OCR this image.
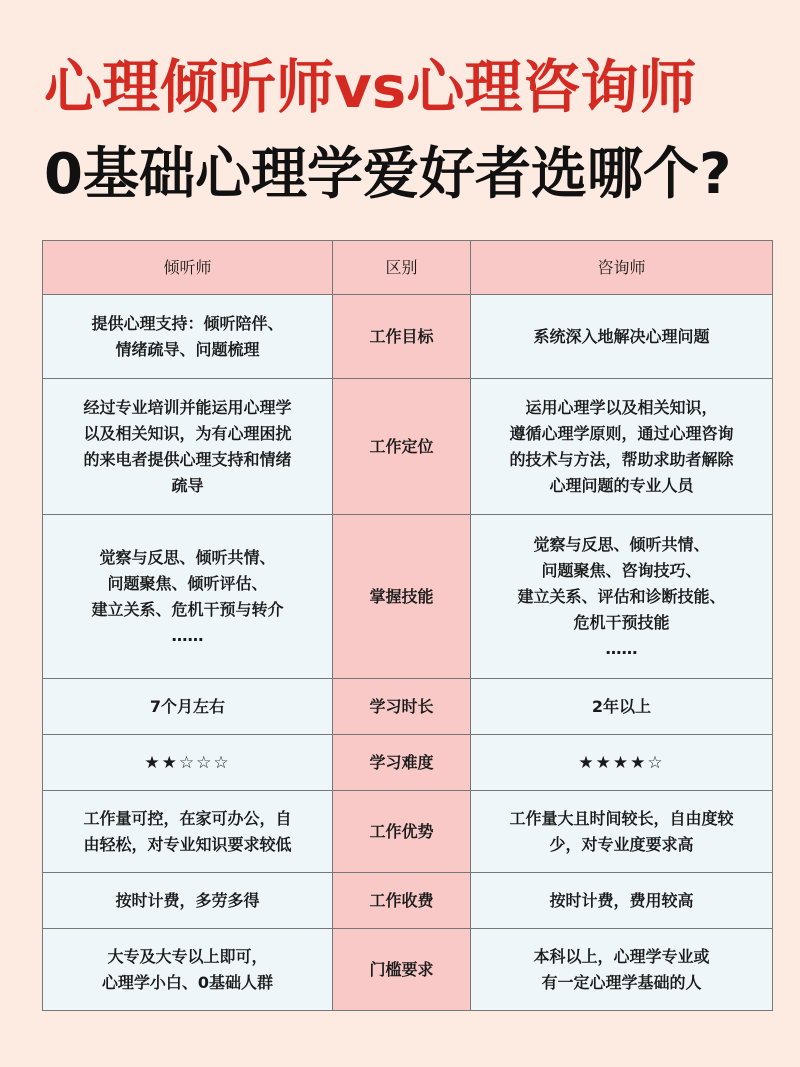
心理倾听师vs心理咨询师
0基础心理学爱好者选哪个?
倾听师	区别	咨询师

提供心理支持：倾听陪伴、
情绪疏导、问题梳理	工作目标	系统深入地解决心理问题

经过专业培训并能运用心理学
以及相关知识，为有心理困扰
的来电者提供心理支持和情绪
疏导	工作定位	运用心理学以及相关知识，
遵循心理学原则，通过心理咨询
的技术与方法，帮助求助者解除
心理问题的专业人员

觉察与反思、倾听共情、
问题聚焦、倾听评估、
建立关系、危机干预与转介
……	掌握技能	觉察与反思、倾听共情、
问题聚焦、咨询技巧、
建立关系、评估和诊断技能、
危机干预技能
……

7个月左右	学习时长	2年以上

★★☆☆☆	学习难度	★★★★☆

工作量可控，在家可办公，自
由轻松，对专业知识要求较低	工作优势	工作量大且时间较长，自由度较
少，对专业度要求高

按时计费，多劳多得	工作收费	按时计费，费用较高

大专及大专以上即可，
心理学小白、0基础人群	门槛要求	本科以上，心理学专业或
有一定心理学基础的人
